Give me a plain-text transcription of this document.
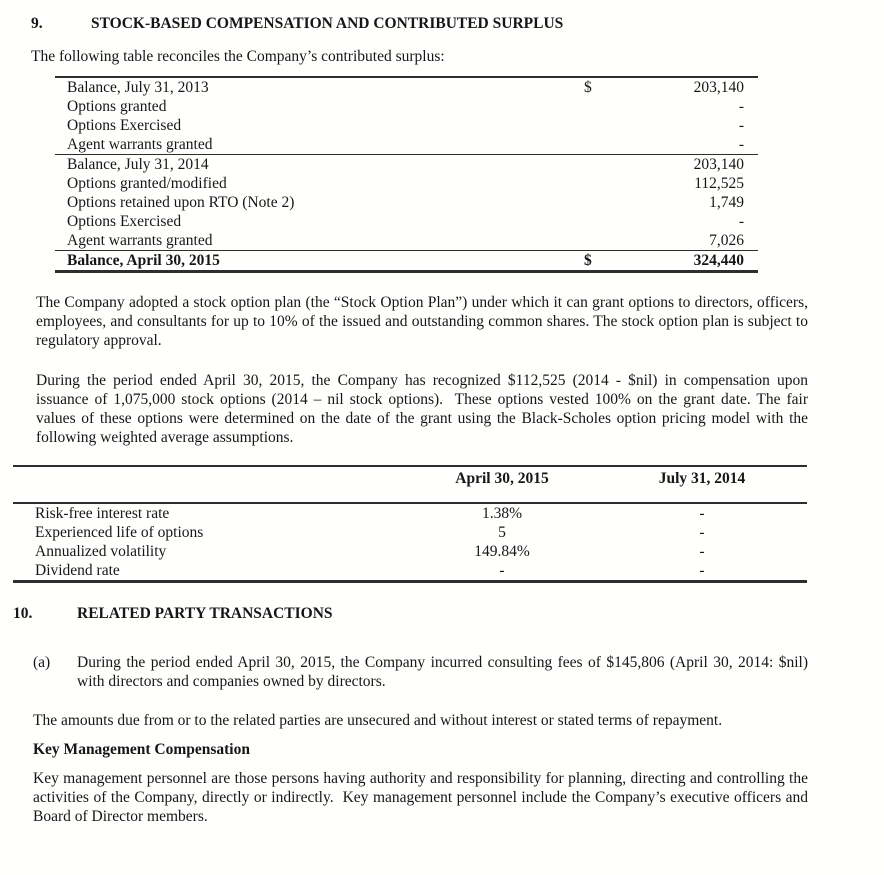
9.	STOCK-BASED COMPENSATION AND CONTRIBUTED SURPLUS
The following table reconciles the Company’s contributed surplus:
Balance, July 31, 2013	$	203,140
Options granted	-
Options Exercised	-
Agent warrants granted	-
Balance, July 31, 2014	203,140
Options granted/modified	112,525
Options retained upon RTO (Note 2)	1,749
Options Exercised	-
Agent warrants granted	7,026
Balance, April 30, 2015	$	324,440
The Company adopted a stock option plan (the “Stock Option Plan”) under which it can grant options to directors, officers, employees, and consultants for up to 10% of the issued and outstanding common shares. The stock option plan is subject to regulatory approval.
During the period ended April 30, 2015, the Company has recognized $112,525 (2014 - $nil) in compensation upon issuance of 1,075,000 stock options (2014 – nil stock options).  These options vested 100% on the grant date. The fair values of these options were determined on the date of the grant using the Black-Scholes option pricing model with the following weighted average assumptions.
April 30, 2015	July 31, 2014
Risk-free interest rate	1.38%	-
Experienced life of options	5	-
Annualized volatility	149.84%	-
Dividend rate	-	-
10.	RELATED PARTY TRANSACTIONS
(a)	During the period ended April 30, 2015, the Company incurred consulting fees of $145,806 (April 30, 2014: $nil) with directors and companies owned by directors.
The amounts due from or to the related parties are unsecured and without interest or stated terms of repayment.
Key Management Compensation
Key management personnel are those persons having authority and responsibility for planning, directing and controlling the activities of the Company, directly or indirectly.  Key management personnel include the Company’s executive officers and Board of Director members.
